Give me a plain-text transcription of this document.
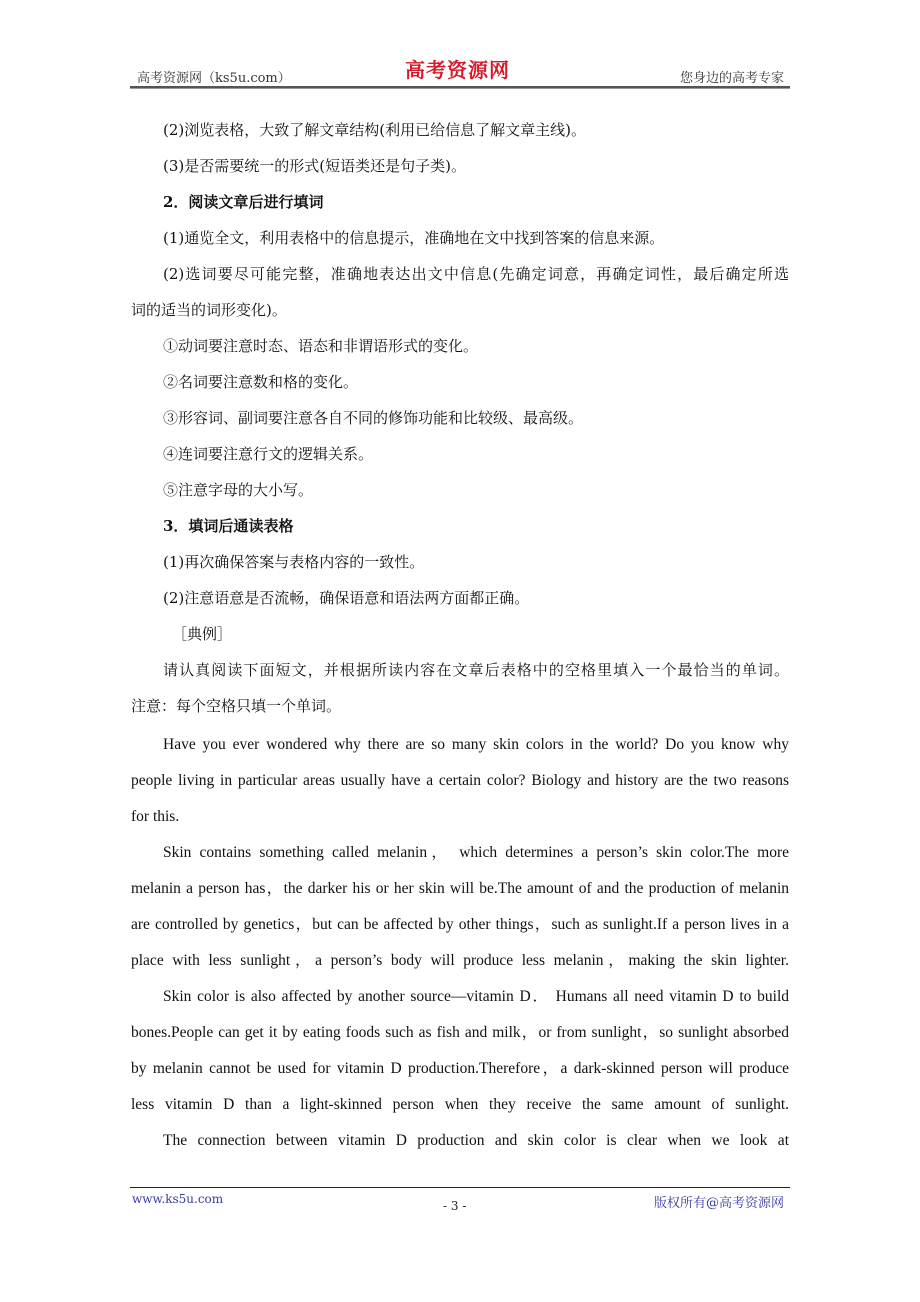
高考资源网（ks5u.com）	高考资源网	您身边的高考专家
(2)浏览表格，大致了解文章结构(利用已给信息了解文章主线)。
(3)是否需要统一的形式(短语类还是句子类)。
2．阅读文章后进行填词
(1)通览全文，利用表格中的信息提示，准确地在文中找到答案的信息来源。
(2)选词要尽可能完整，准确地表达出文中信息(先确定词意，再确定词性，最后确定所选
词的适当的词形变化)。
①动词要注意时态、语态和非谓语形式的变化。
②名词要注意数和格的变化。
③形容词、副词要注意各自不同的修饰功能和比较级、最高级。
④连词要注意行文的逻辑关系。
⑤注意字母的大小写。
3．填词后通读表格
(1)再次确保答案与表格内容的一致性。
(2)注意语意是否流畅，确保语意和语法两方面都正确。
［典例］
请认真阅读下面短文，并根据所读内容在文章后表格中的空格里填入一个最恰当的单词。
注意：每个空格只填一个单词。
Have you ever wondered why there are so many skin colors in the world? Do you know why
people living in particular areas usually have a certain color? Biology and history are the two reasons
for this.
Skin contains something called melanin， which determines a person’s skin color.The more
melanin a person has，the darker his or her skin will be.The amount of and the production of melanin
are controlled by genetics，but can be affected by other things，such as sunlight.If a person lives in a
place with less sunlight，a person’s body will produce less melanin，making the skin lighter.
Skin color is also affected by another source—vitamin D． Humans all need vitamin D to build
bones.People can get it by eating foods such as fish and milk，or from sunlight，so sunlight absorbed
by melanin cannot be used for vitamin D production.Therefore，a dark-skinned person will produce
less vitamin D than a light-skinned person when they receive the same amount of sunlight.
The connection between vitamin D production and skin color is clear when we look at
www.ks5u.com	- 3 -	版权所有@高考资源网
